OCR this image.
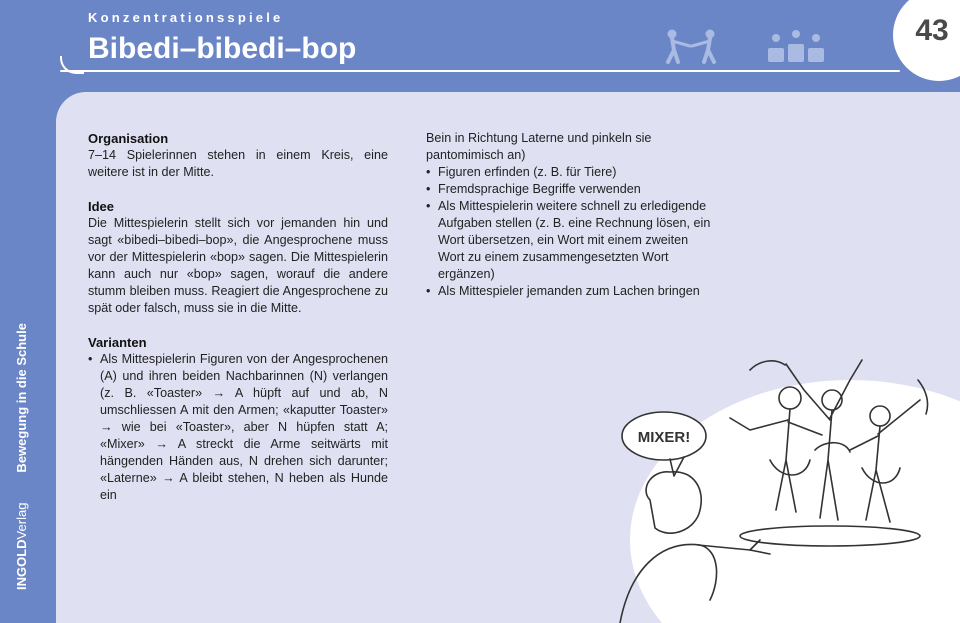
INGOLDVerlagBewegung in die Schule
Konzentrationsspiele
Bibedi–bibedi–bop
43
Organisation

7–14 Spielerinnen stehen in einem Kreis, eine weitere ist in der Mitte.

Idee

Die Mittespielerin stellt sich vor jemanden hin und sagt «bibedi–bibedi–bop», die Angesprochene muss vor der Mittespielerin «bop» sagen. Die Mittespielerin kann auch nur «bop» sagen, worauf die andere stumm bleiben muss. Reagiert die Angesprochene zu spät oder falsch, muss sie in die Mitte.

Varianten

• Als Mittespielerin Figuren von der Angesprochenen (A) und ihren beiden Nachbarinnen (N) verlangen (z. B. «Toaster» → A hüpft auf und ab, N umschliessen A mit den Armen; «kaputter Toaster» → wie bei «Toaster», aber N hüpfen statt A; «Mixer» → A streckt die Arme seitwärts mit hängenden Händen aus, N drehen sich darunter; «Laterne» → A bleibt stehen, N heben als Hunde ein

Bein in Richtung Laterne und pinkeln sie pantomimisch an)

• Figuren erfinden (z. B. für Tiere)
• Fremdsprachige Begriffe verwenden
• Als Mittespielerin weitere schnell zu erledigende Aufgaben stellen (z. B. eine Rechnung lösen, ein Wort übersetzen, ein Wort mit einem zweiten Wort zu einem zusammengesetzten Wort ergänzen)
• Als Mittespieler jemanden zum Lachen bringen
MIXER!
